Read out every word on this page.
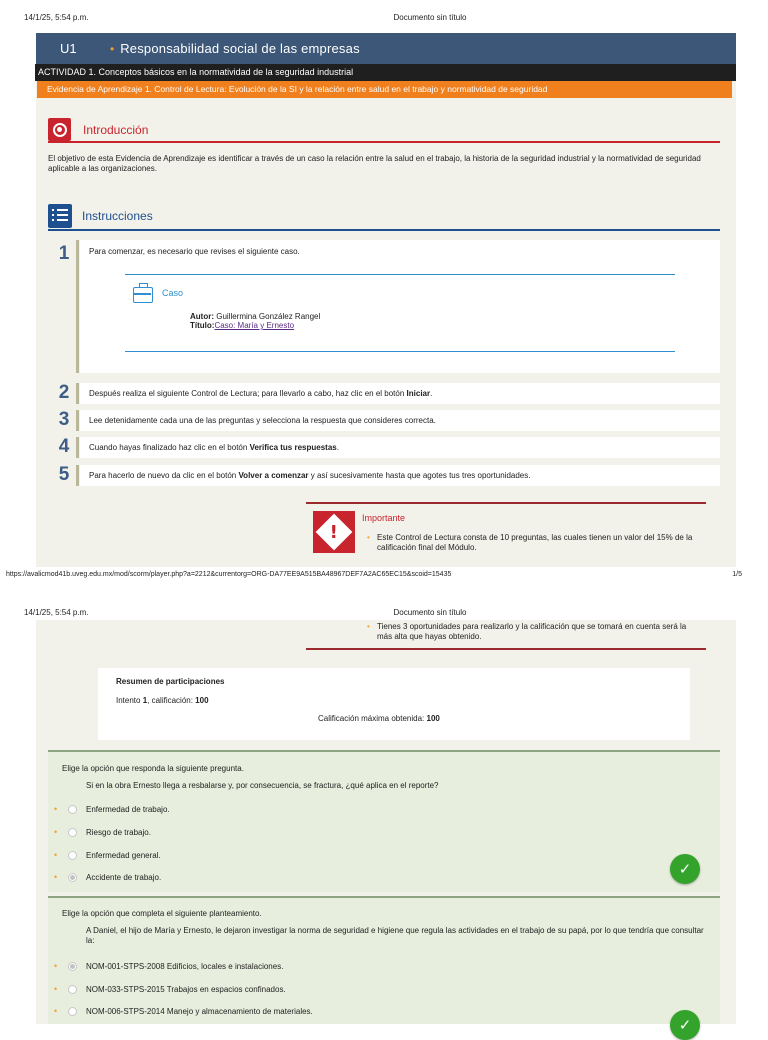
14/1/25, 5:54 p.m.	Documento sin título
U1	• Responsabilidad social de las empresas
ACTIVIDAD 1. Conceptos básicos en la normatividad de la seguridad industrial
Evidencia de Aprendizaje 1. Control de Lectura: Evolución de la SI y la relación entre salud en el trabajo y normatividad de seguridad
Introducción
El objetivo de esta Evidencia de Aprendizaje es identificar a través de un caso la relación entre la salud en el trabajo, la historia de la seguridad industrial y la normatividad de seguridad aplicable a las organizaciones.
Instrucciones
1	Para comenzar, es necesario que revises el siguiente caso.
Caso
Autor: Guillermina González Rangel
Título:Caso: María y Ernesto
2	Después realiza el siguiente Control de Lectura; para llevarlo a cabo, haz clic en el botón Iniciar.
3	Lee detenidamente cada una de las preguntas y selecciona la respuesta que consideres correcta.
4	Cuando hayas finalizado haz clic en el botón Verifica tus respuestas.
5	Para hacerlo de nuevo da clic en el botón Volver a comenzar y así sucesivamente hasta que agotes tus tres oportunidades.
!
Importante
• Este Control de Lectura consta de 10 preguntas, las cuales tienen un valor del 15% de la calificación final del Módulo.
https://avalicmod41b.uveg.edu.mx/mod/scorm/player.php?a=2212&currentorg=ORG-DA77EE9A515BA48967DEF7A2AC65EC15&scoid=15435	1/5
14/1/25, 5:54 p.m.	Documento sin título
• Tienes 3 oportunidades para realizarlo y la calificación que se tomará en cuenta será la más alta que hayas obtenido.
Resumen de participaciones
Intento 1, calificación: 100
Calificación máxima obtenida: 100
Elige la opción que responda la siguiente pregunta.
Si en la obra Ernesto llega a resbalarse y, por consecuencia, se fractura, ¿qué aplica en el reporte?
•	Enfermedad de trabajo.
•	Riesgo de trabajo.
•	Enfermedad general.
•	Accidente de trabajo.	✓
Elige la opción que completa el siguiente planteamiento.
A Daniel, el hijo de María y Ernesto, le dejaron investigar la norma de seguridad e higiene que regula las actividades en el trabajo de su papá, por lo que tendría que consultar la:
•	NOM-001-STPS-2008 Edificios, locales e instalaciones.
•	NOM-033-STPS-2015 Trabajos en espacios confinados.
•	NOM-006-STPS-2014 Manejo y almacenamiento de materiales.
✓
